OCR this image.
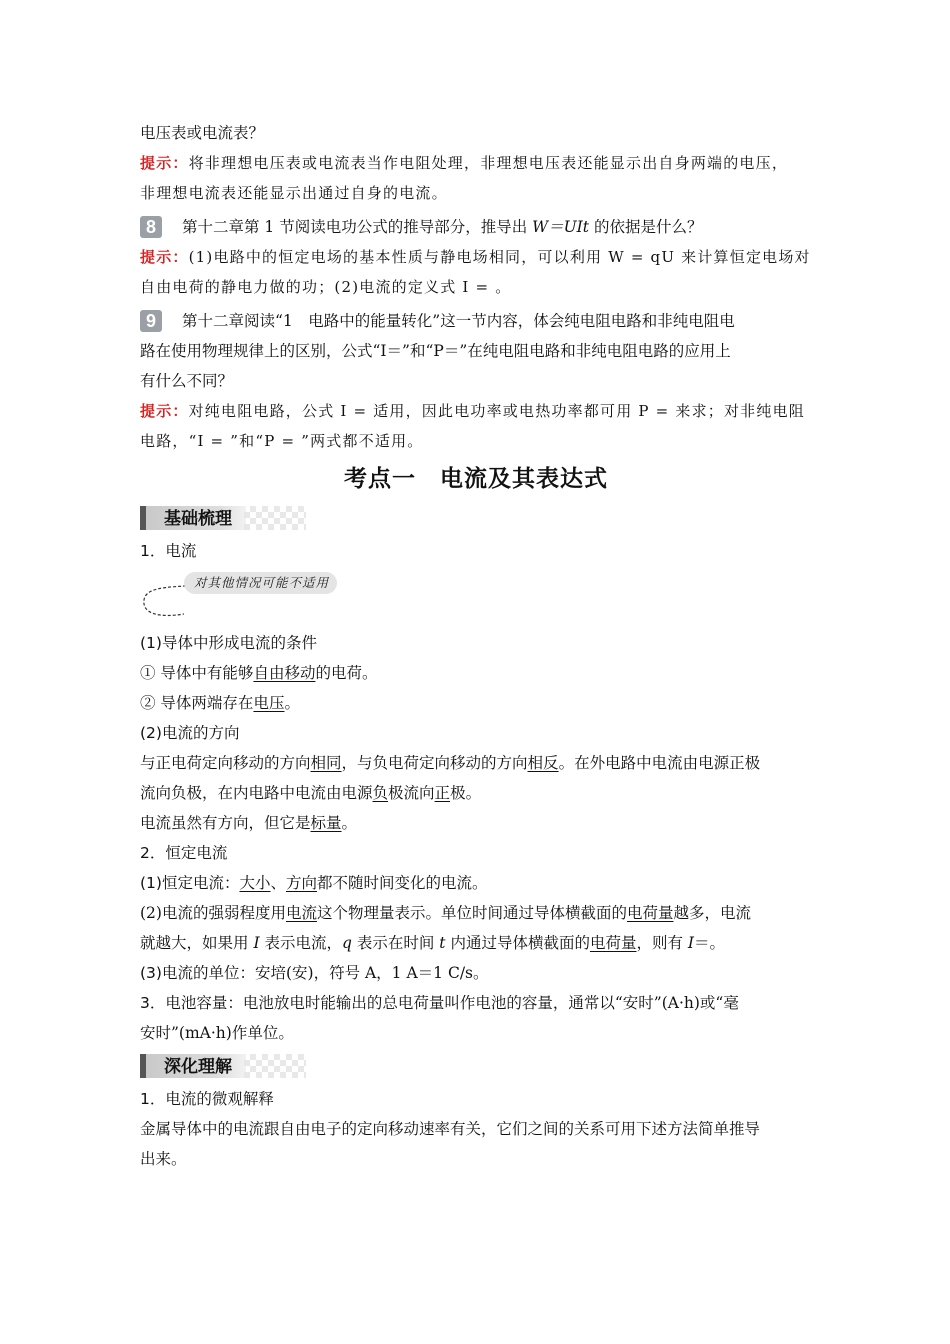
电压表或电流表？
提示：将非理想电压表或电流表当作电阻处理，非理想电压表还能显示出自身两端的电压，
非理想电流表还能显示出通过自身的电流。
8	第十二章第 1 节阅读电功公式的推导部分，推导出 W＝UIt 的依据是什么？
提示：(1)电路中的恒定电场的基本性质与静电场相同，可以利用 W = qU 来计算恒定电场对
自由电荷的静电力做的功；(2)电流的定义式 I = 。
9	第十二章阅读“1　电路中的能量转化”这一节内容，体会纯电阻电路和非纯电阻电
路在使用物理规律上的区别，公式“I＝”和“P＝”在纯电阻电路和非纯电阻电路的应用上
有什么不同？
提示：对纯电阻电路，公式 I = 适用，因此电功率或电热功率都可用 P = 来求；对非纯电阻
电路，“I = ”和“P = ”两式都不适用。
考点一　电流及其表达式
基础梳理
1．电流
对其他情况可能不适用
(1)导体中形成电流的条件
① 导体中有能够自由移动的电荷。
② 导体两端存在电压。
(2)电流的方向
与正电荷定向移动的方向相同，与负电荷定向移动的方向相反。在外电路中电流由电源正极
流向负极，在内电路中电流由电源负极流向正极。
电流虽然有方向，但它是标量。
2．恒定电流
(1)恒定电流：大小、方向都不随时间变化的电流。
(2)电流的强弱程度用电流这个物理量表示。单位时间通过导体横截面的电荷量越多，电流
就越大，如果用 I 表示电流，q 表示在时间 t 内通过导体横截面的电荷量，则有 I＝。
(3)电流的单位：安培(安)，符号 A，1 A＝1 C/s。
3．电池容量：电池放电时能输出的总电荷量叫作电池的容量，通常以“安时”(A·h)或“毫
安时”(mA·h)作单位。
深化理解
1．电流的微观解释
金属导体中的电流跟自由电子的定向移动速率有关，它们之间的关系可用下述方法简单推导
出来。
